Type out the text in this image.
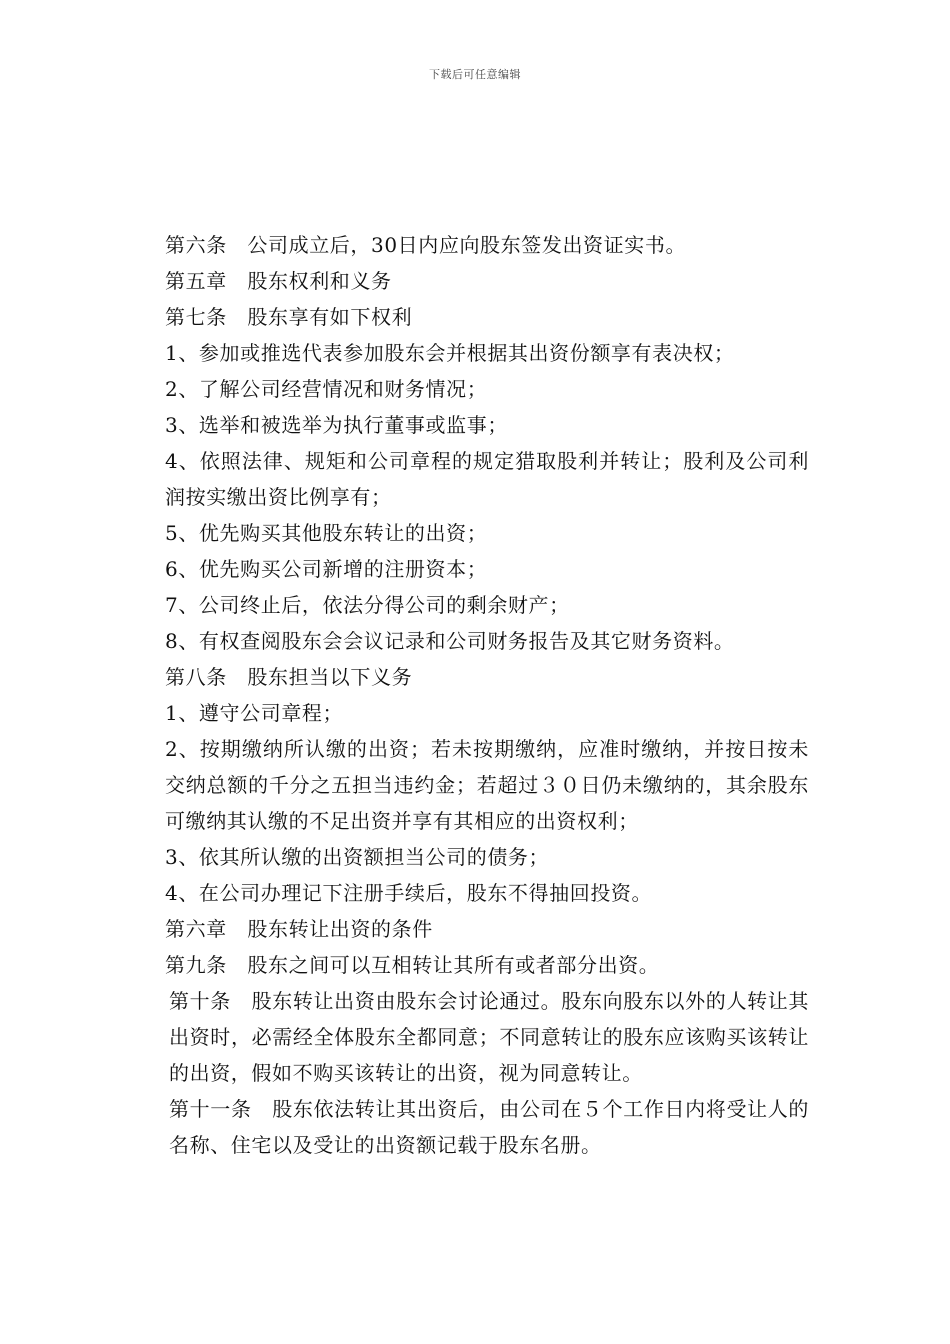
下载后可任意编辑

第六条　公司成立后，30日内应向股东签发出资证实书。

第五章　股东权利和义务

第七条　股东享有如下权利

1、参加或推选代表参加股东会并根据其出资份额享有表决权；

2、了解公司经营情况和财务情况；

3、选举和被选举为执行董事或监事；

4、依照法律、规矩和公司章程的规定猎取股利并转让；股利及公司利润按实缴出资比例享有；

5、优先购买其他股东转让的出资；

6、优先购买公司新增的注册资本；

7、公司终止后，依法分得公司的剩余财产；

8、有权查阅股东会会议记录和公司财务报告及其它财务资料。

第八条　股东担当以下义务

1、遵守公司章程；

2、按期缴纳所认缴的出资；若未按期缴纳，应准时缴纳，并按日按未交纳总额的千分之五担当违约金；若超过３０日仍未缴纳的，其余股东可缴纳其认缴的不足出资并享有其相应的出资权利；

3、依其所认缴的出资额担当公司的债务；

4、在公司办理记下注册手续后，股东不得抽回投资。

第六章　股东转让出资的条件

第九条　股东之间可以互相转让其所有或者部分出资。

第十条　股东转让出资由股东会讨论通过。股东向股东以外的人转让其出资时，必需经全体股东全都同意；不同意转让的股东应该购买该转让的出资，假如不购买该转让的出资，视为同意转让。

第十一条　股东依法转让其出资后，由公司在５个工作日内将受让人的名称、住宅以及受让的出资额记载于股东名册。
